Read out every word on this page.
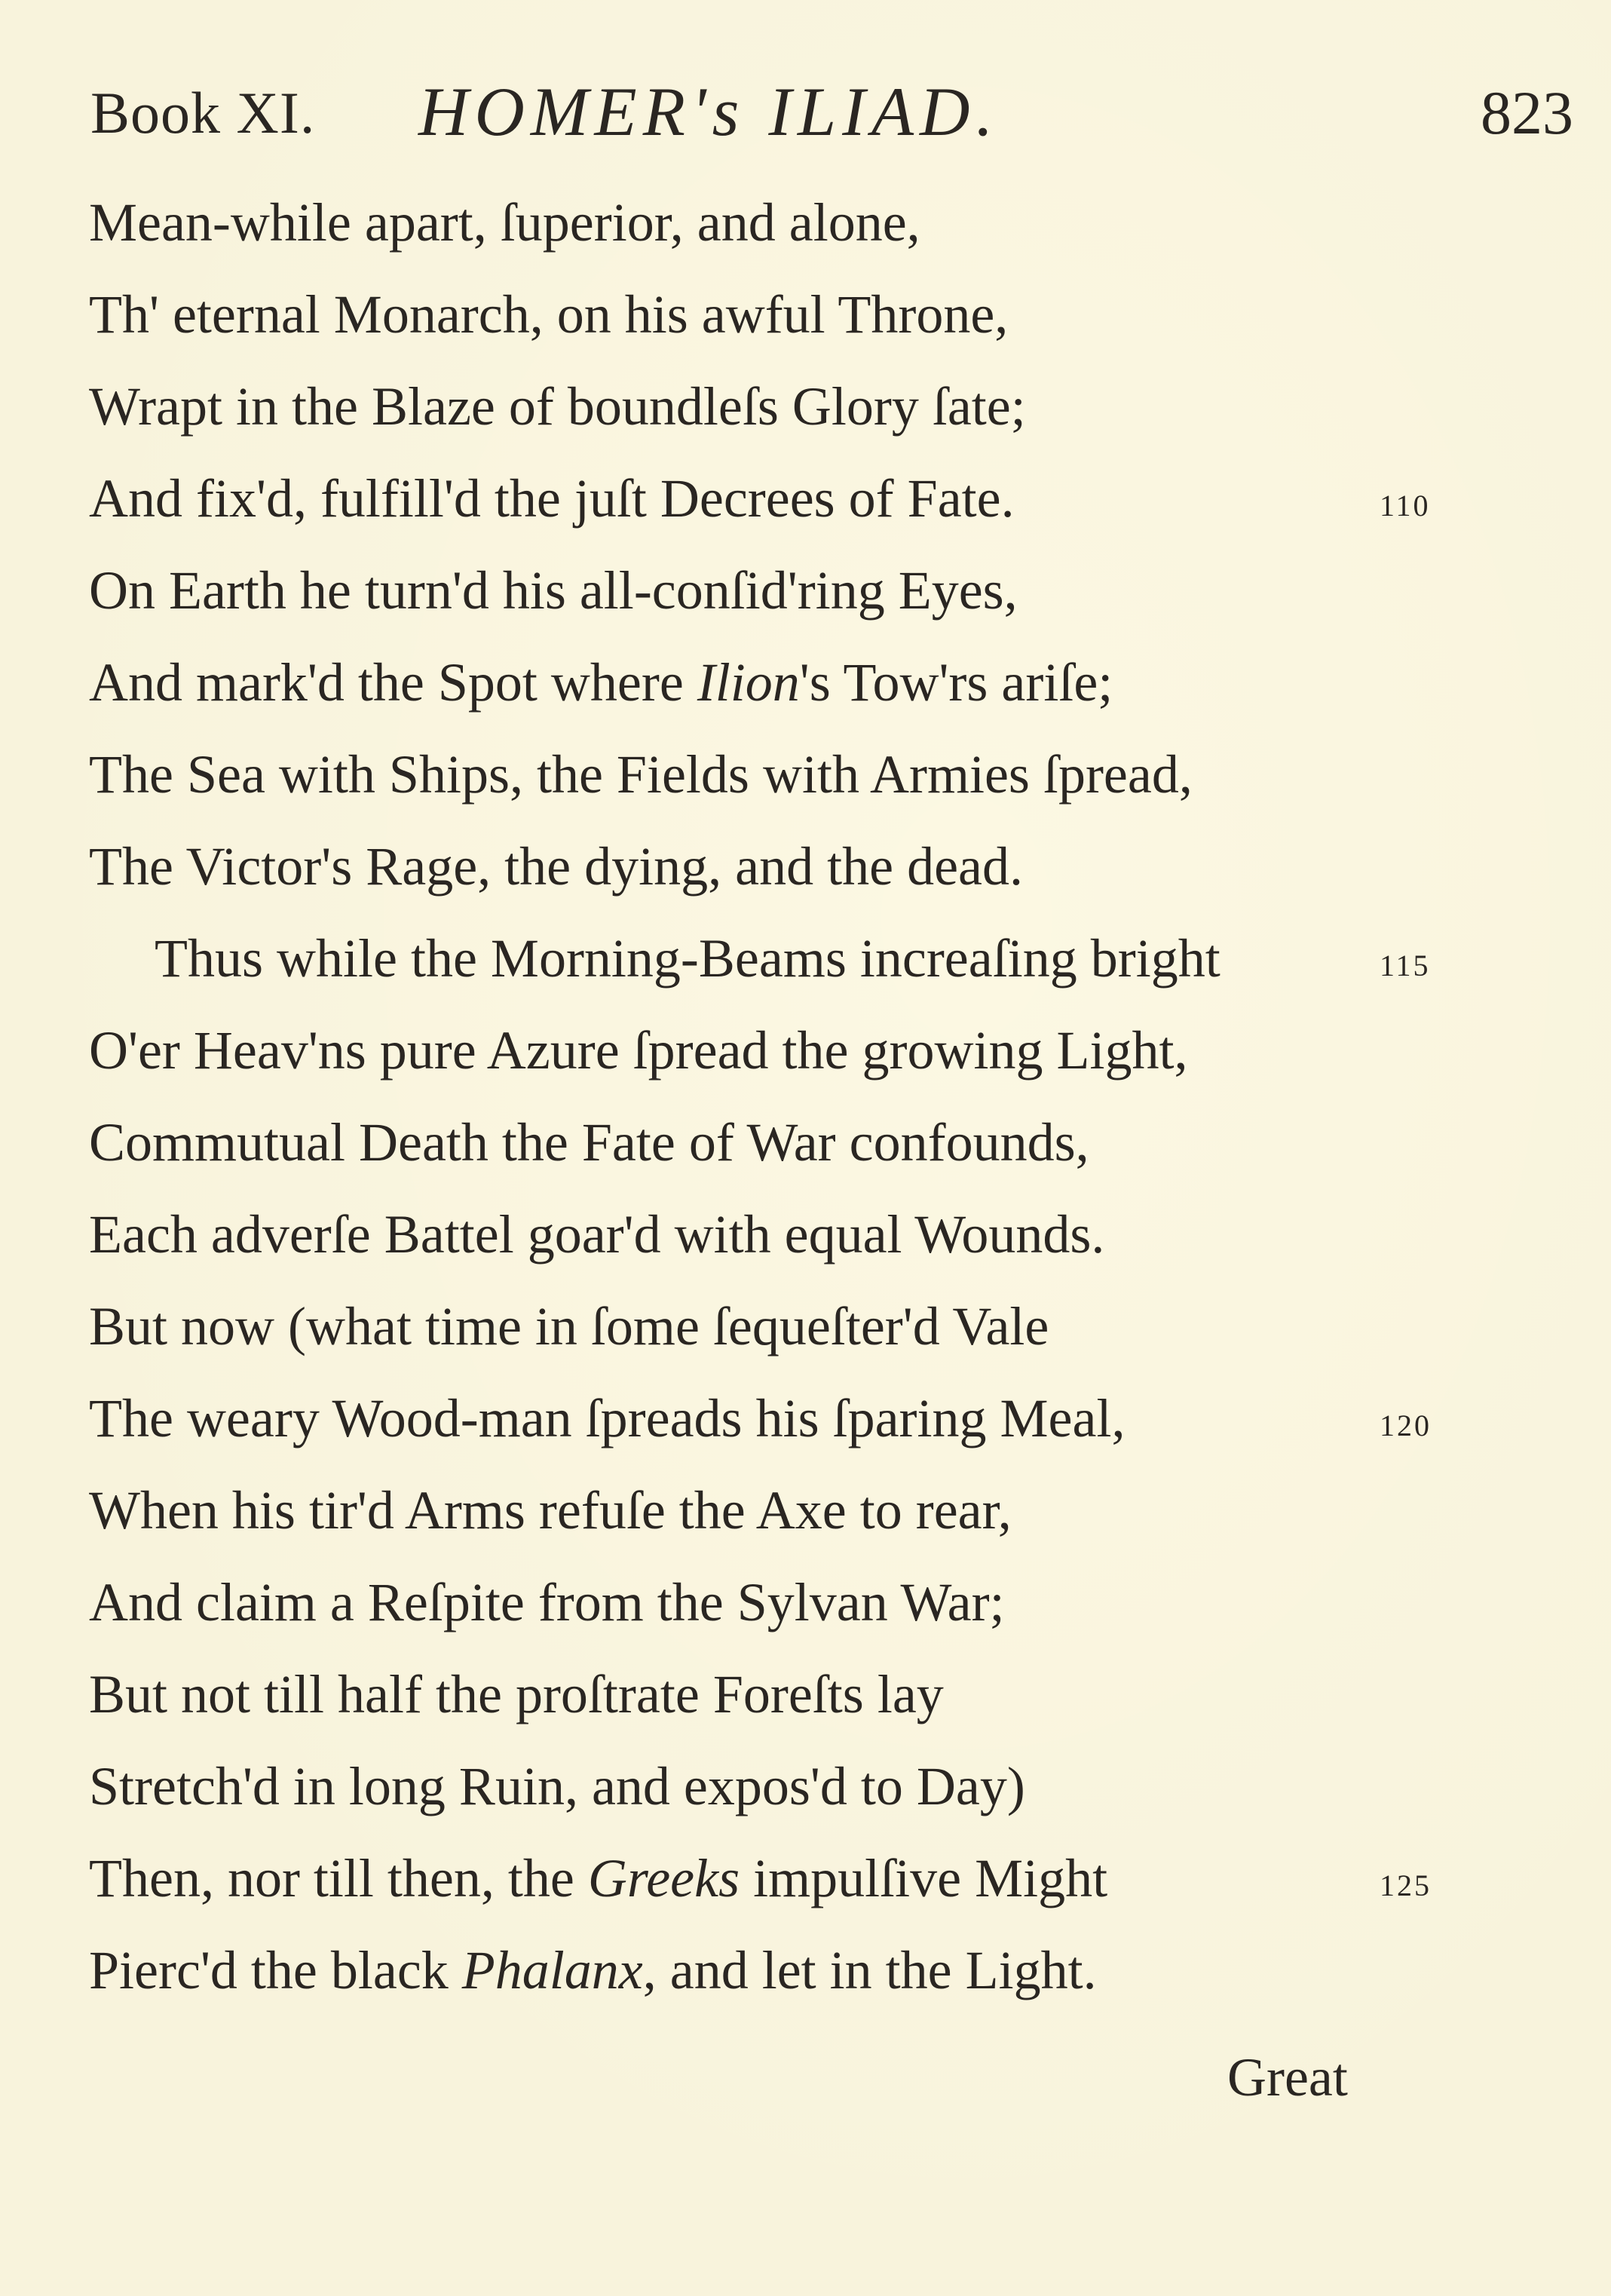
Book XI. HOMER's ILIAD.	823
Mean-while apart, ſuperior, and alone,
Th' eternal Monarch, on his awful Throne,
Wrapt in the Blaze of boundleſs Glory ſate;
And fix'd, fulfill'd the juſt Decrees of Fate.	110
On Earth he turn'd his all-conſid'ring Eyes,
And mark'd the Spot where Ilion's Tow'rs ariſe;
The Sea with Ships, the Fields with Armies ſpread,
The Victor's Rage, the dying, and the dead.
Thus while the Morning-Beams increaſing bright	115
O'er Heav'ns pure Azure ſpread the growing Light,
Commutual Death the Fate of War confounds,
Each adverſe Battel goar'd with equal Wounds.
But now (what time in ſome ſequeſter'd Vale
The weary Wood-man ſpreads his ſparing Meal,	120
When his tir'd Arms refuſe the Axe to rear,
And claim a Reſpite from the Sylvan War;
But not till half the proſtrate Foreſts lay
Stretch'd in long Ruin, and expos'd to Day)
Then, nor till then, the Greeks impulſive Might	125
Pierc'd the black Phalanx, and let in the Light.
Great
